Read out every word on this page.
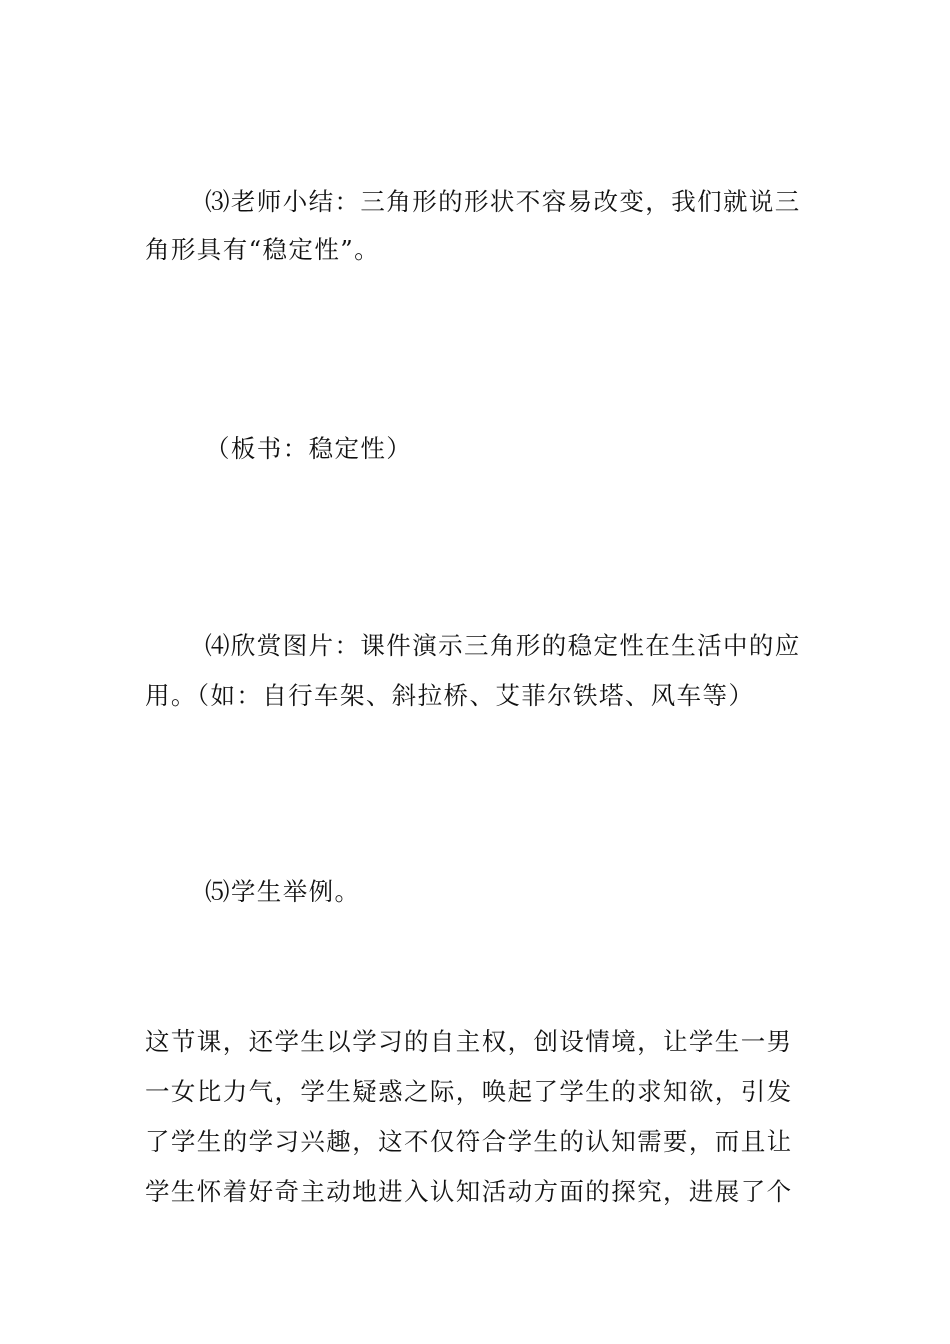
⑶老师小结：三角形的形状不容易改变，我们就说三
角形具有“稳定性”。
（板书：稳定性）
⑷欣赏图片：课件演示三角形的稳定性在生活中的应
用。（如：自行车架、斜拉桥、艾菲尔铁塔、风车等）
⑸学生举例。
这节课，还学生以学习的自主权，创设情境，让学生一男
一女比力气，学生疑惑之际，唤起了学生的求知欲，引发
了学生的学习兴趣，这不仅符合学生的认知需要，而且让
学生怀着好奇主动地进入认知活动方面的探究，进展了个
